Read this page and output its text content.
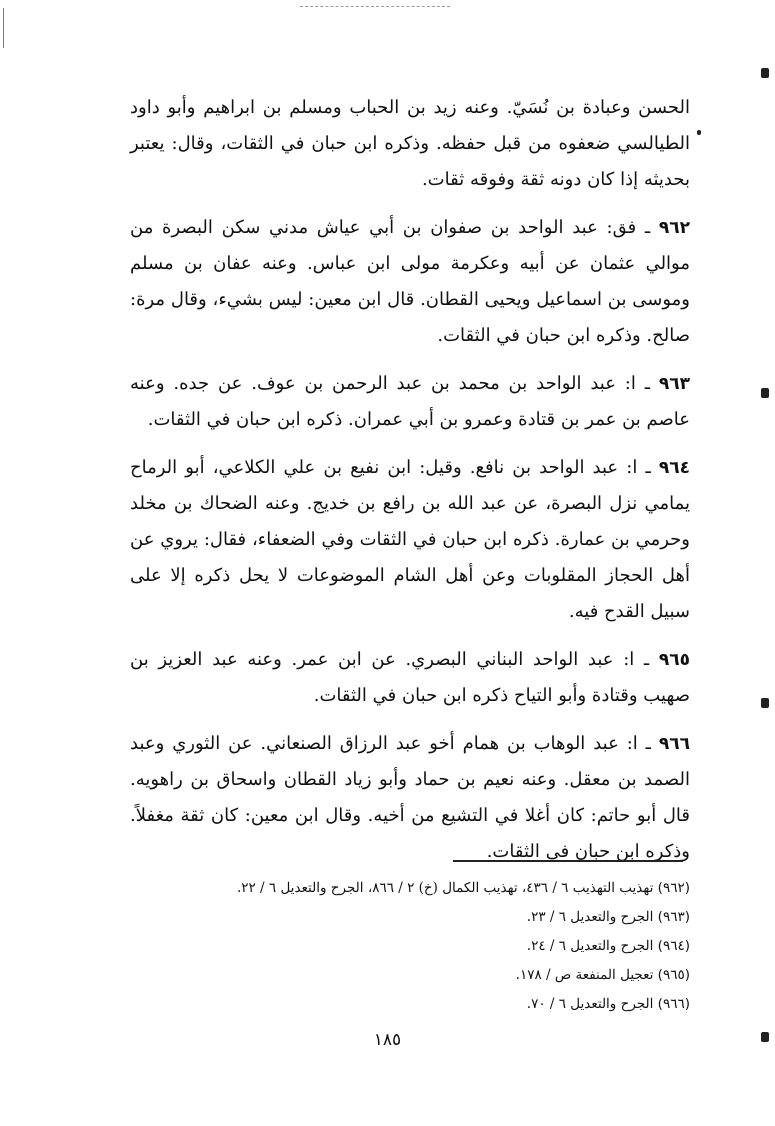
الحسن وعبادة بن نُسَيّ. وعنه زيد بن الحباب ومسلم بن ابراهيم وأبو داود الطيالسي ضعفوه من قبل حفظه. وذكره ابن حبان في الثقات، وقال: يعتبر بحديثه إذا كان دونه ثقة وفوقه ثقات.

٩٦٢ ـ فق: عبد الواحد بن صفوان بن أبي عياش مدني سكن البصرة من موالي عثمان عن أبيه وعكرمة مولى ابن عباس. وعنه عفان بن مسلم وموسى بن اسماعيل ويحيى القطان. قال ابن معين: ليس بشيء، وقال مرة: صالح. وذكره ابن حبان في الثقات.

٩٦٣ ـ ا: عبد الواحد بن محمد بن عبد الرحمن بن عوف. عن جده. وعنه عاصم بن عمر بن قتادة وعمرو بن أبي عمران. ذكره ابن حبان في الثقات.

٩٦٤ ـ ا: عبد الواحد بن نافع. وقيل: ابن نفيع بن علي الكلاعي، أبو الرماح يمامي نزل البصرة، عن عبد الله بن رافع بن خديج. وعنه الضحاك بن مخلد وحرمي بن عمارة. ذكره ابن حبان في الثقات وفي الضعفاء، فقال: يروي عن أهل الحجاز المقلوبات وعن أهل الشام الموضوعات لا يحل ذكره إلا على سبيل القدح فيه.

٩٦٥ ـ ا: عبد الواحد البناني البصري. عن ابن عمر. وعنه عبد العزيز بن صهيب وقتادة وأبو التياح ذكره ابن حبان في الثقات.

٩٦٦ ـ ا: عبد الوهاب بن همام أخو عبد الرزاق الصنعاني. عن الثوري وعبد الصمد بن معقل. وعنه نعيم بن حماد وأبو زياد القطان واسحاق بن راهويه. قال أبو حاتم: كان أغلا في التشيع من أخيه. وقال ابن معين: كان ثقة مغفلاً. وذكره ابن حبان في الثقات.

(٩٦٢) تهذيب التهذيب ٦ / ٤٣٦، تهذيب الكمال (خ) ٢ / ٨٦٦، الجرح والتعديل ٦ / ٢٢.
(٩٦٣) الجرح والتعديل ٦ / ٢٣.
(٩٦٤) الجرح والتعديل ٦ / ٢٤.
(٩٦٥) تعجيل المنفعة ص / ١٧٨.
(٩٦٦) الجرح والتعديل ٦ / ٧٠.
١٨٥
